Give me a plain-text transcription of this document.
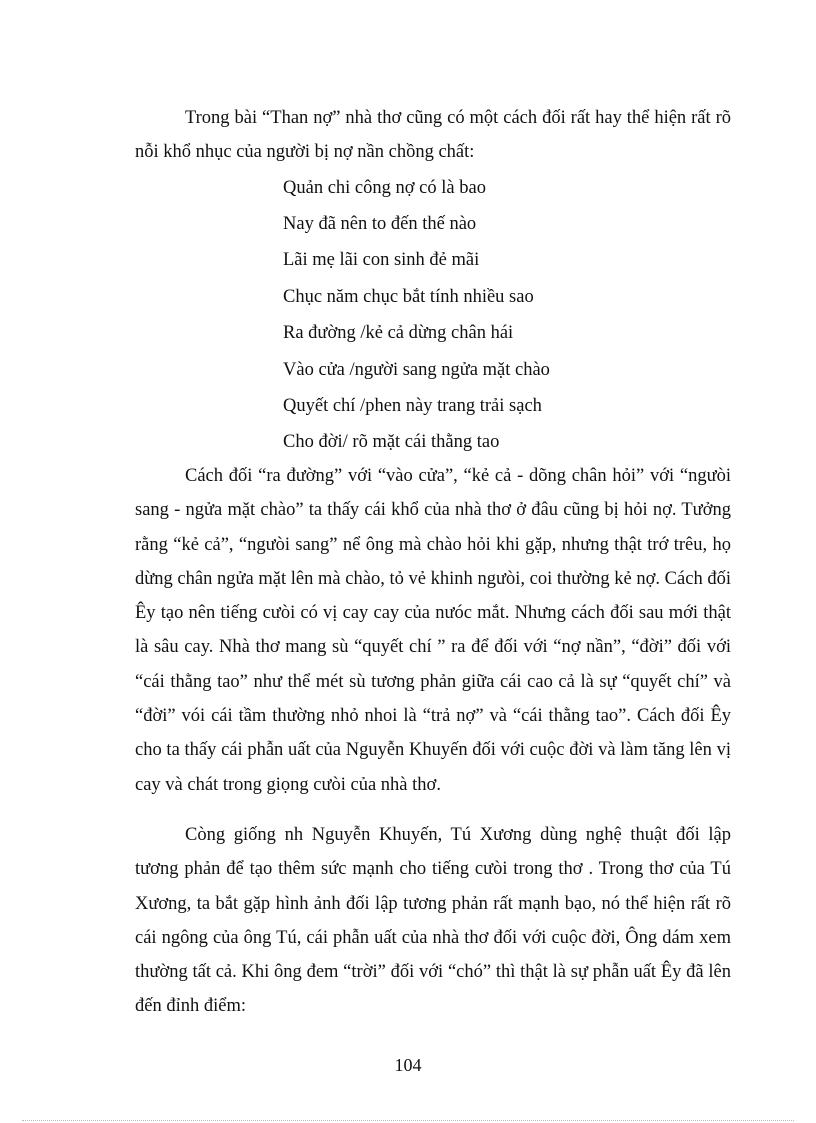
Trong bài “Than nợ” nhà thơ cũng có một cách đối rất hay thể hiện rất rõ nỗi khổ nhục của người bị nợ nần chồng chất:

Quản chi công nợ có là bao
Nay đã nên to đến thế nào
Lãi mẹ lãi con sinh đẻ mãi
Chục năm chục bắt tính nhiều sao
Ra đường /kẻ cả dừng chân hái
Vào cửa /người sang ngửa mặt chào
Quyết chí /phen này trang trải sạch
Cho đời/ rõ mặt cái thằng tao

Cách đối “ra đường” với “vào cửa”, “kẻ cả - dõng chân hỏi” với “ngưòi sang - ngửa mặt chào” ta thấy cái khổ của nhà thơ ở đâu cũng bị hỏi nợ. Tưởng rằng “kẻ cả”, “ngưòi sang” nể ông mà chào hỏi khi gặp, nhưng thật trớ trêu, họ dừng chân ngửa mặt lên mà chào, tỏ vẻ khinh ngưòi, coi thường kẻ nợ. Cách đối Êy tạo nên tiếng cưòi có vị cay cay của nưóc mắt. Nhưng cách đối sau mới thật là sâu cay. Nhà thơ mang sù “quyết chí ” ra để đối với “nợ nần”, “đời” đối với “cái thằng tao” như thể mét sù tương phản giữa cái cao cả là sự “quyết chí” và “đời” vói cái tầm thường nhỏ nhoi là “trả nợ” và “cái thằng tao”. Cách đối Êy cho ta thấy cái phẫn uất của Nguyễn Khuyến đối với cuộc đời và làm tăng lên vị cay và chát trong giọng cưòi của nhà thơ.

Còng giống nh Nguyễn Khuyến, Tú Xương dùng nghệ thuật đối lập tương phản để tạo thêm sức mạnh cho tiếng cưòi trong thơ . Trong thơ của Tú Xương, ta bắt gặp hình ảnh đối lập tương phản rất mạnh bạo, nó thể hiện rất rõ cái ngông của ông Tú, cái phẫn uất của nhà thơ đối với cuộc đời, Ông dám xem thường tất cả. Khi ông đem “trời” đối với “chó” thì thật là sự phẫn uất Êy đã lên đến đỉnh điểm:

104
